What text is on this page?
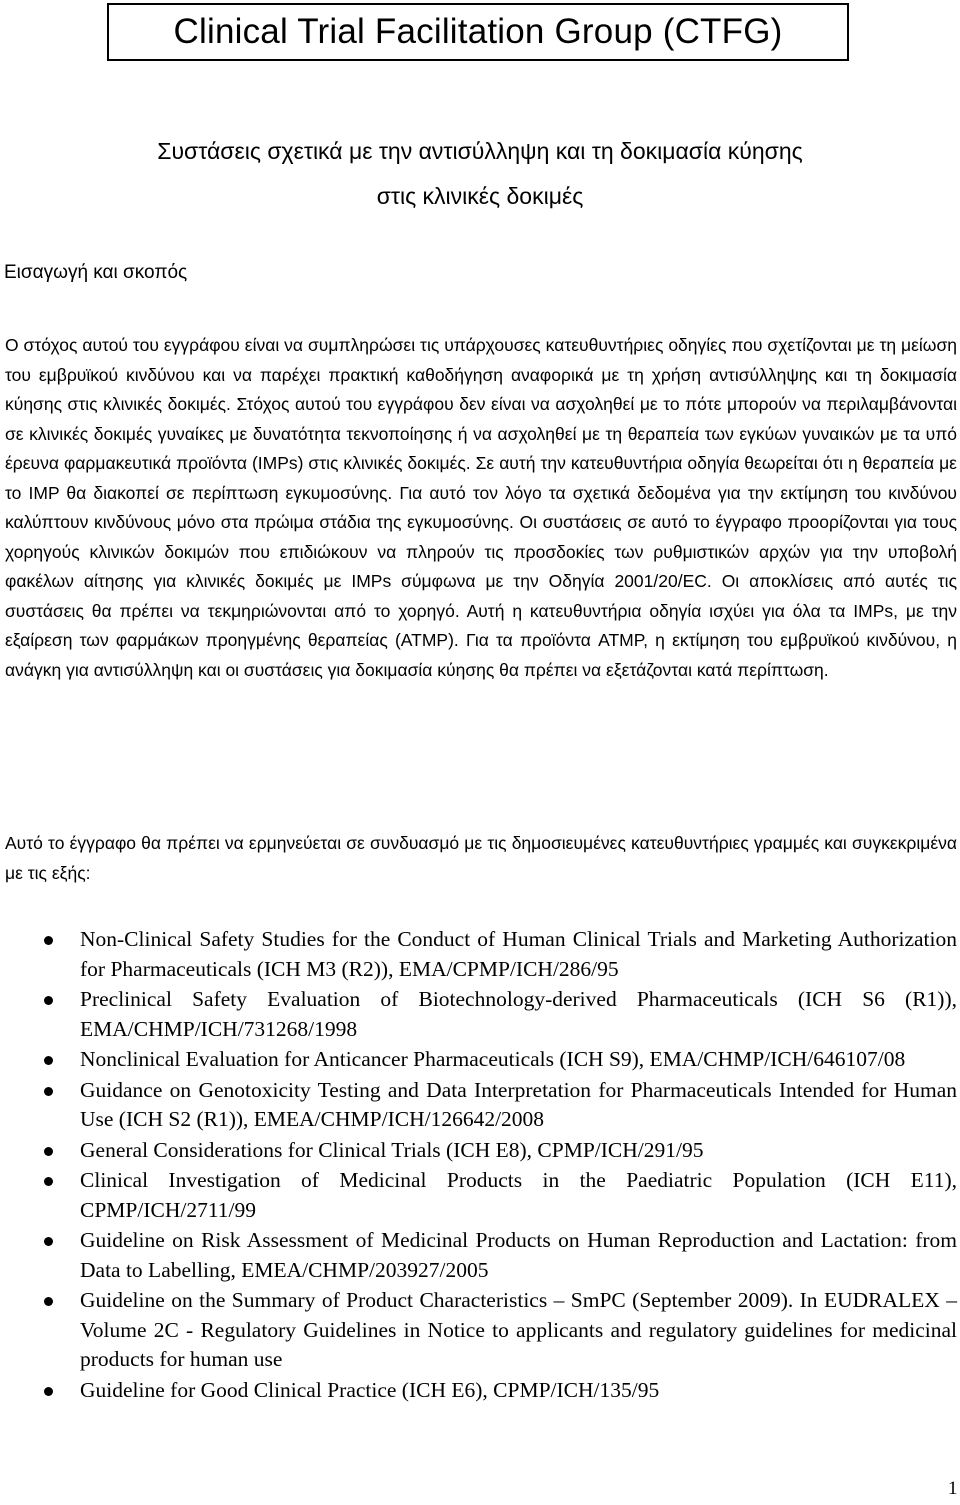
Clinical Trial Facilitation Group (CTFG)
Συστάσεις σχετικά με την αντισύλληψη και τη δοκιμασία κύησης
στις κλινικές δοκιμές
Εισαγωγή και σκοπός

Ο στόχος αυτού του εγγράφου είναι να συμπληρώσει τις υπάρχουσες κατευθυντήριες οδηγίες που σχετίζονται με τη μείωση του εμβρυϊκού κινδύνου και να παρέχει πρακτική καθοδήγηση αναφορικά με τη χρήση αντισύλληψης και τη δοκιμασία κύησης στις κλινικές δοκιμές. Στόχος αυτού του εγγράφου δεν είναι να ασχοληθεί με το πότε μπορούν να περιλαμβάνονται σε κλινικές δοκιμές γυναίκες με δυνατότητα τεκνοποίησης ή να ασχοληθεί με τη θεραπεία των εγκύων γυναικών με τα υπό έρευνα φαρμακευτικά προϊόντα (IMPs) στις κλινικές δοκιμές. Σε αυτή την κατευθυντήρια οδηγία θεωρείται ότι η θεραπεία με το IMP θα διακοπεί σε περίπτωση εγκυμοσύνης. Για αυτό τον λόγο τα σχετικά δεδομένα για την εκτίμηση του κινδύνου καλύπτουν κινδύνους μόνο στα πρώιμα στάδια της εγκυμοσύνης. Οι συστάσεις σε αυτό το έγγραφο προορίζονται για τους χορηγούς κλινικών δοκιμών που επιδιώκουν να πληρούν τις προσδοκίες των ρυθμιστικών αρχών για την υποβολή φακέλων αίτησης για κλινικές δοκιμές με IMPs σύμφωνα με την Οδηγία 2001/20/EC. Οι αποκλίσεις από αυτές τις συστάσεις θα πρέπει να τεκμηριώνονται από το χορηγό. Αυτή η κατευθυντήρια οδηγία ισχύει για όλα τα IMPs, με την εξαίρεση των φαρμάκων προηγμένης θεραπείας (ATMP). Για τα προϊόντα ATMP, η εκτίμηση του εμβρυϊκού κινδύνου, η ανάγκη για αντισύλληψη και οι συστάσεις για δοκιμασία κύησης θα πρέπει να εξετάζονται κατά περίπτωση.

Αυτό το έγγραφο θα πρέπει να ερμηνεύεται σε συνδυασμό με τις δημοσιευμένες κατευθυντήριες γραμμές και συγκεκριμένα με τις εξής:

Non-Clinical Safety Studies for the Conduct of Human Clinical Trials and Marketing Authorization for Pharmaceuticals (ICH M3 (R2)), EMA/CPMP/ICH/286/95
Preclinical Safety Evaluation of Biotechnology-derived Pharmaceuticals (ICH S6 (R1)), EMA/CHMP/ICH/731268/1998
Nonclinical Evaluation for Anticancer Pharmaceuticals (ICH S9), EMA/CHMP/ICH/646107/08
Guidance on Genotoxicity Testing and Data Interpretation for Pharmaceuticals Intended for Human Use (ICH S2 (R1)), EMEA/CHMP/ICH/126642/2008
General Considerations for Clinical Trials (ICH E8), CPMP/ICH/291/95
Clinical Investigation of Medicinal Products in the Paediatric Population (ICH E11), CPMP/ICH/2711/99
Guideline on Risk Assessment of Medicinal Products on Human Reproduction and Lactation: from Data to Labelling, EMEA/CHMP/203927/2005
Guideline on the Summary of Product Characteristics – SmPC (September 2009). In EUDRALEX – Volume 2C - Regulatory Guidelines in Notice to applicants and regulatory guidelines for medicinal products for human use
Guideline for Good Clinical Practice (ICH E6), CPMP/ICH/135/95
1
